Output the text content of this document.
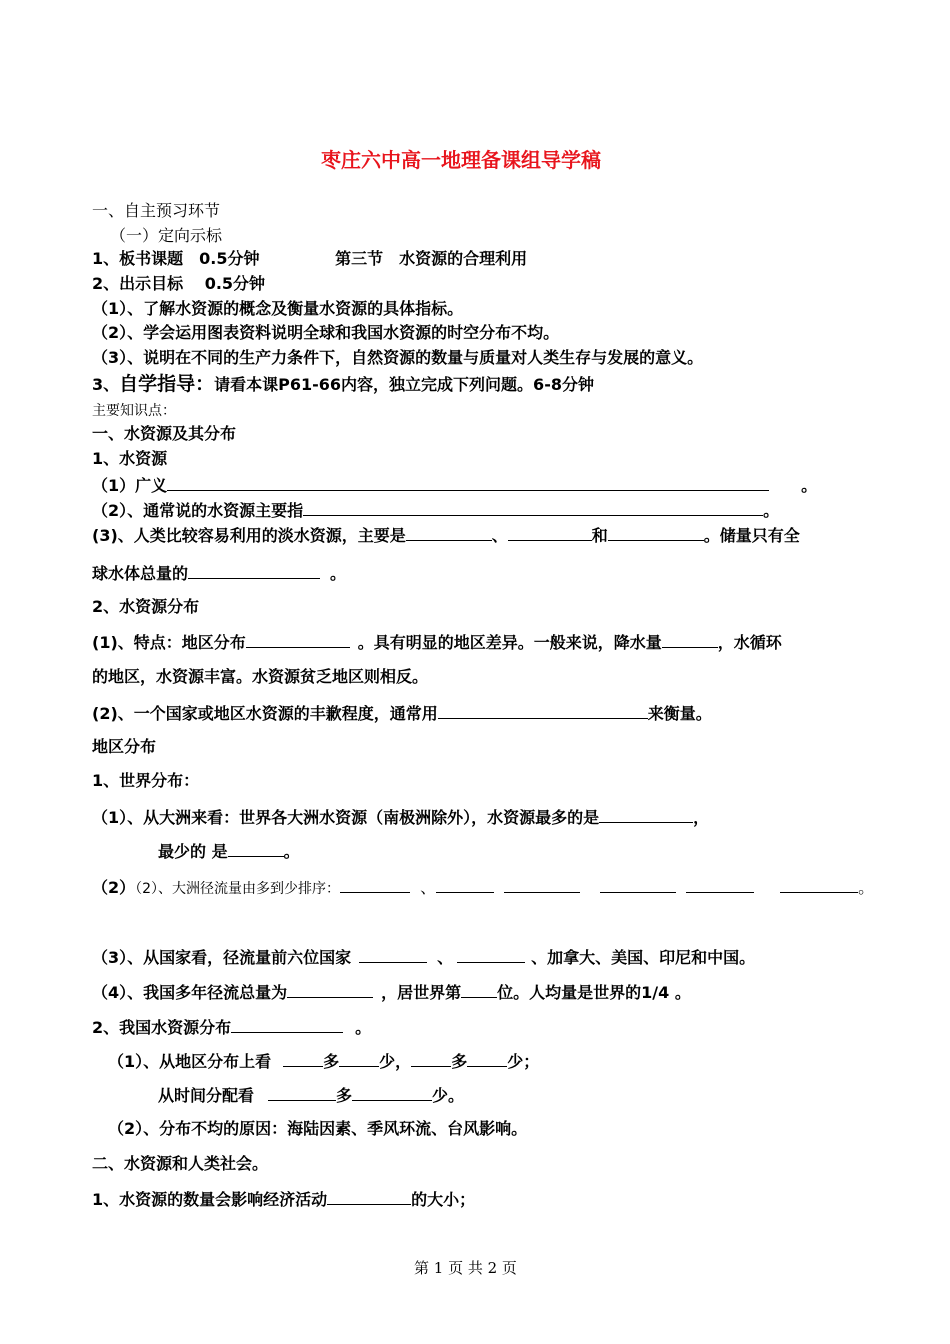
枣庄六中高一地理备课组导学稿
一、自主预习环节
（一）定向示标
1、板书课题　0.5分钟	第三节　水资源的合理利用
2、出示目标　 0.5分钟
（1）、了解水资源的概念及衡量水资源的具体指标。
（2）、学会运用图表资料说明全球和我国水资源的时空分布不均。
（3）、说明在不同的生产力条件下，自然资源的数量与质量对人类生存与发展的意义。
3、自学指导：请看本课P61-66内容，独立完成下列问题。6-8分钟
主要知识点：
一、水资源及其分布
1、水资源
（1）广义	。
（2）、通常说的水资源主要指	。
(3)、人类比较容易利用的淡水资源，主要是	、	和	。储量只有全
球水体总量的	。
2、水资源分布
(1)、特点：地区分布	。具有明显的地区差异。一般来说，降水量	，水循环
的地区，水资源丰富。水资源贫乏地区则相反。
(2)、一个国家或地区水资源的丰歉程度，通常用	来衡量。
地区分布
1、世界分布：
（1）、从大洲来看：世界各大洲水资源（南极洲除外），水资源最多的是	，
最少的 是	。
（2）（2）、大洲径流量由多到少排序：	、	。
（3）、从国家看，径流量前六位国家	、	、加拿大、美国、印尼和中国。
（4）、我国多年径流总量为	，居世界第 位。人均量是世界的1/4 。
2、我国水资源分布	。
（1）、从地区分布上看	多	少，	多	少；
从时间分配看	多	少。
（2）、分布不均的原因：海陆因素、季风环流、台风影响。
二、水资源和人类社会。
1、水资源的数量会影响经济活动	的大小；
第 1 页 共 2 页
